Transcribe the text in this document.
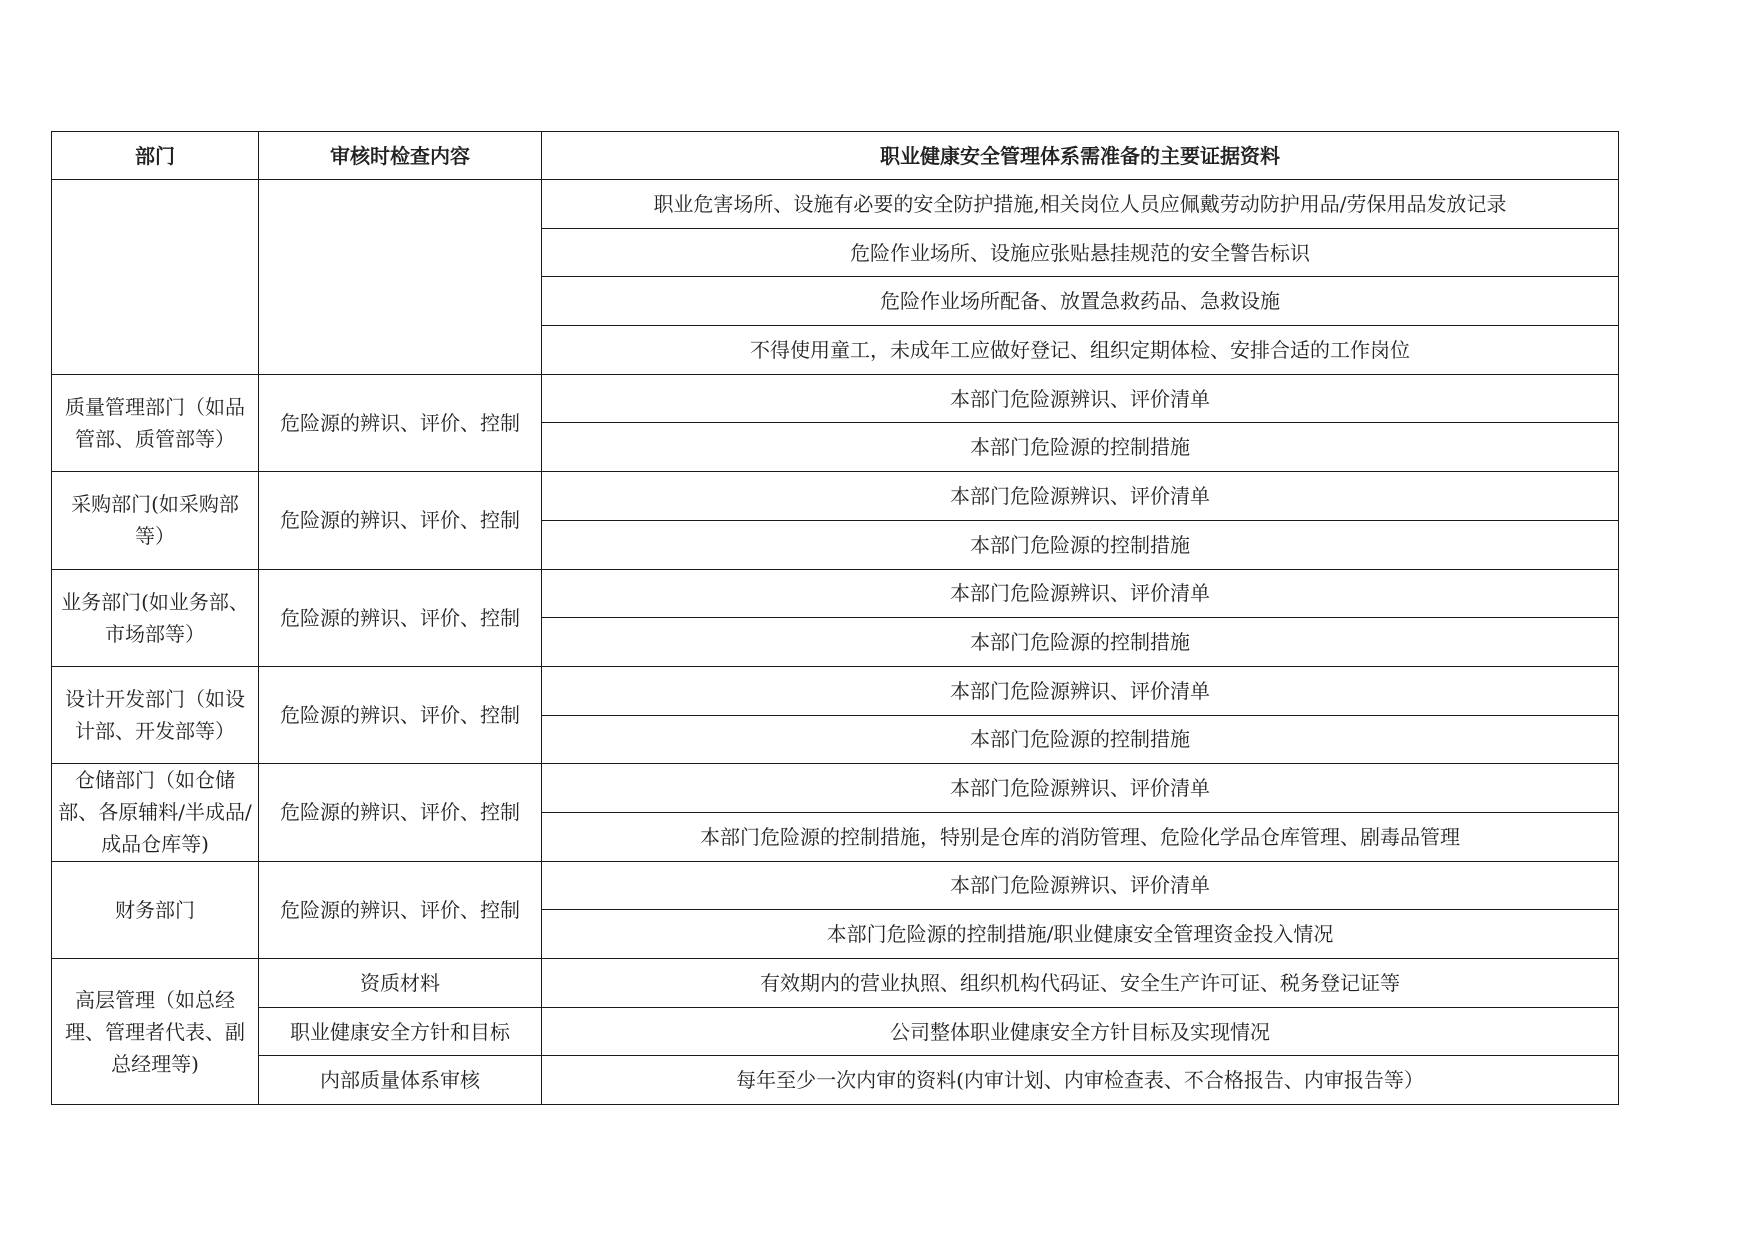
部门	审核时检查内容	职业健康安全管理体系需准备的主要证据资料
		职业危害场所、设施有必要的安全防护措施,相关岗位人员应佩戴劳动防护用品/劳保用品发放记录
		危险作业场所、设施应张贴悬挂规范的安全警告标识
		危险作业场所配备、放置急救药品、急救设施
		不得使用童工，未成年工应做好登记、组织定期体检、安排合适的工作岗位
质量管理部门（如品管部、质管部等）	危险源的辨识、评价、控制	本部门危险源辨识、评价清单
		本部门危险源的控制措施
采购部门(如采购部等）	危险源的辨识、评价、控制	本部门危险源辨识、评价清单
		本部门危险源的控制措施
业务部门(如业务部、市场部等）	危险源的辨识、评价、控制	本部门危险源辨识、评价清单
		本部门危险源的控制措施
设计开发部门（如设计部、开发部等）	危险源的辨识、评价、控制	本部门危险源辨识、评价清单
		本部门危险源的控制措施
仓储部门（如仓储部、各原辅料/半成品/成品仓库等)	危险源的辨识、评价、控制	本部门危险源辨识、评价清单
		本部门危险源的控制措施，特别是仓库的消防管理、危险化学品仓库管理、剧毒品管理
财务部门	危险源的辨识、评价、控制	本部门危险源辨识、评价清单
		本部门危险源的控制措施/职业健康安全管理资金投入情况
高层管理（如总经理、管理者代表、副总经理等)	资质材料	有效期内的营业执照、组织机构代码证、安全生产许可证、税务登记证等
	职业健康安全方针和目标	公司整体职业健康安全方针目标及实现情况
	内部质量体系审核	每年至少一次内审的资料(内审计划、内审检查表、不合格报告、内审报告等）
